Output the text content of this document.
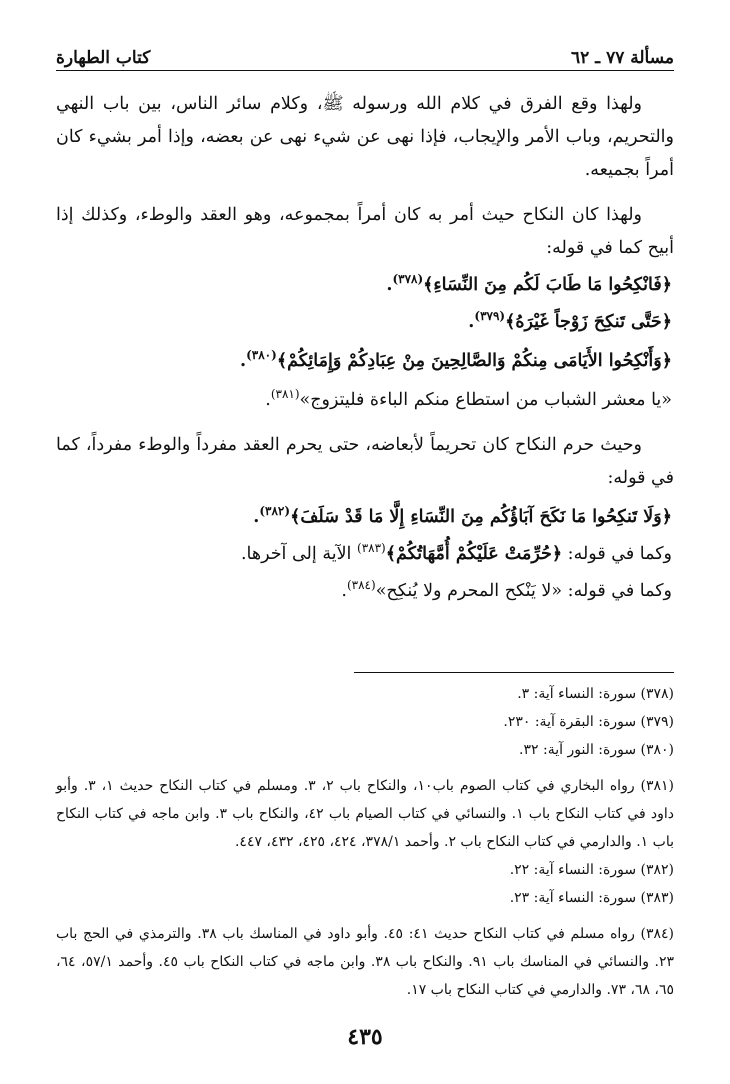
مسألة ٧٧ ـ ٦٢
كتاب الطهارة

ولهذا وقع الفرق في كلام الله ورسوله ﷺ، وكلام سائر الناس، بين باب النهي والتحريم، وباب الأمر والإيجاب، فإذا نهى عن شيء نهى عن بعضه، وإذا أمر بشيء كان أمراً بجميعه.

ولهذا كان النكاح حيث أمر به كان أمراً بمجموعه، وهو العقد والوطء، وكذلك إذا أبيح كما في قوله:

﴿فَانْكِحُوا مَا طَابَ لَكُم مِنَ النِّسَاءِ﴾$^{(٣٧٨)}$.

﴿حَتَّى تَنكِحَ زَوْجاً غَيْرَهُ﴾$^{(٣٧٩)}$.

﴿وَأَنْكِحُوا الأَيَامَى مِنكُمْ وَالصَّالِحِينَ مِنْ عِبَادِكُمْ وَإِمَائِكُمْ﴾$^{(٣٨٠)}$.

«يا معشر الشباب من استطاع منكم الباءة فليتزوج»$^{(٣٨١)}$.

وحيث حرم النكاح كان تحريماً لأبعاضه، حتى يحرم العقد مفرداً والوطء مفرداً، كما في قوله:

﴿وَلَا تَنكِحُوا مَا نَكَحَ آبَاؤُكُم مِنَ النِّسَاءِ إِلَّا مَا قَدْ سَلَفَ﴾$^{(٣٨٢)}$.

وكما في قوله: ﴿حُرِّمَتْ عَلَيْكُمْ أُمَّهَاتُكُمْ﴾$^{(٣٨٣)}$ الآية إلى آخرها.

وكما في قوله: «لا يَنْكح المحرم ولا يُنكِح»$^{(٣٨٤)}$.

(٣٧٨) سورة: النساء آية: ٣.

(٣٧٩) سورة: البقرة آية: ٢٣٠.

(٣٨٠) سورة: النور آية: ٣٢.

(٣٨١) رواه البخاري في كتاب الصوم باب١٠، والنكاح باب ٢، ٣. ومسلم في كتاب النكاح حديث ١، ٣. وأبو داود في كتاب النكاح باب ١. والنسائي في كتاب الصيام باب ٤٢، والنكاح باب ٣. وابن ماجه في كتاب النكاح باب ١. والدارمي في كتاب النكاح باب ٢. وأحمد ٣٧٨/١، ٤٢٤، ٤٢٥، ٤٣٢، ٤٤٧.

(٣٨٢) سورة: النساء آية: ٢٢.

(٣٨٣) سورة: النساء آية: ٢٣.

(٣٨٤) رواه مسلم في كتاب النكاح حديث ٤١: ٤٥. وأبو داود في المناسك باب ٣٨. والترمذي في الحج باب ٢٣. والنسائي في المناسك باب ٩١. والنكاح باب ٣٨. وابن ماجه في كتاب النكاح باب ٤٥. وأحمد ٥٧/١، ٦٤، ٦٥، ٦٨، ٧٣. والدارمي في كتاب النكاح باب ١٧.

٤٣٥
